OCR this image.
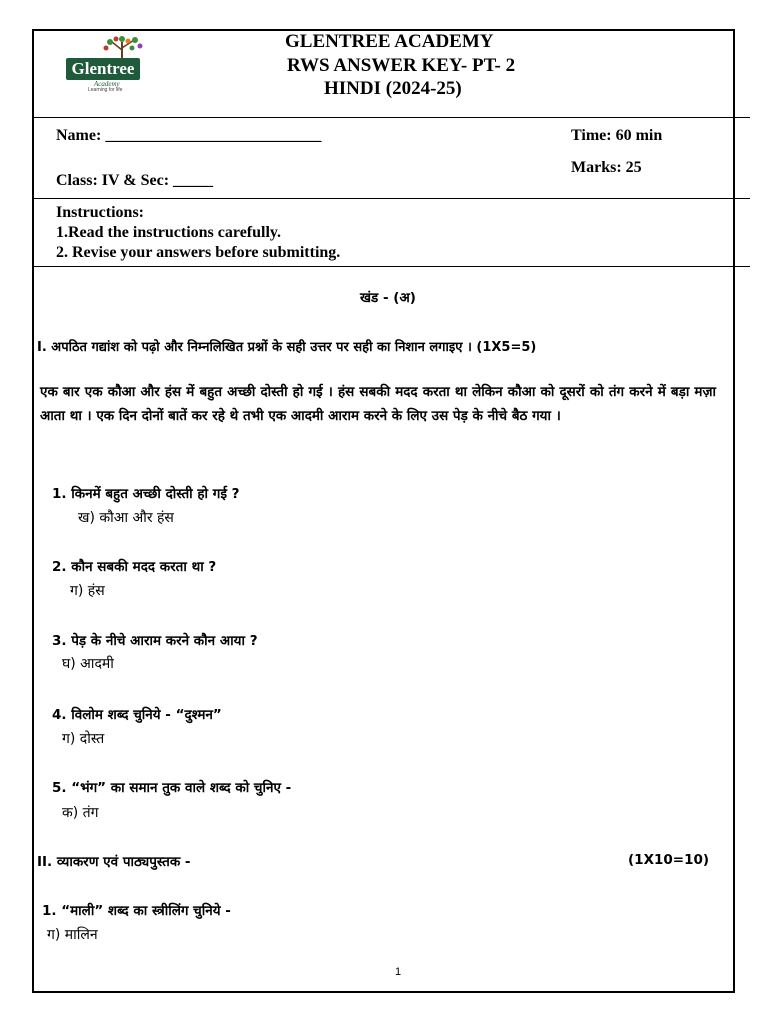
Glentree
Academy
Learning for life
GLENTREE ACADEMY
RWS ANSWER KEY- PT- 2
HINDI (2024-25)
Name: ___________________________	Time: 60 min
Marks: 25
Class: IV & Sec: _____
Instructions:
1.Read the instructions carefully.
2. Revise your answers before submitting.
खंड - (अ)
I. अपठित गद्यांश को पढ़ो और निम्नलिखित प्रश्नों के सही उत्तर पर सही का निशान लगाइए । (1X5=5)
एक बार एक कौआ और हंस में बहुत अच्छी दोस्ती हो गई । हंस सबकी मदद करता था लेकिन कौआ को दूसरों को तंग करने में बड़ा मज़ा आता था । एक दिन दोनों बातें कर रहे थे तभी एक आदमी आराम करने के लिए उस पेड़ के नीचे बैठ गया ।
1. किनमें बहुत अच्छी दोस्ती हो गई ?
ख) कौआ और हंस
2. कौन सबकी मदद करता था ?
ग) हंस
3. पेड़ के नीचे आराम करने कौन आया ?
घ) आदमी
4. विलोम शब्द चुनिये - “दुश्मन”
ग) दोस्त
5. “भंग” का समान तुक वाले शब्द को चुनिए -
क) तंग
II. व्याकरण एवं पाठ्यपुस्तक -	(1X10=10)
1. “माली” शब्द का स्त्रीलिंग चुनिये -
ग) मालिन
1
